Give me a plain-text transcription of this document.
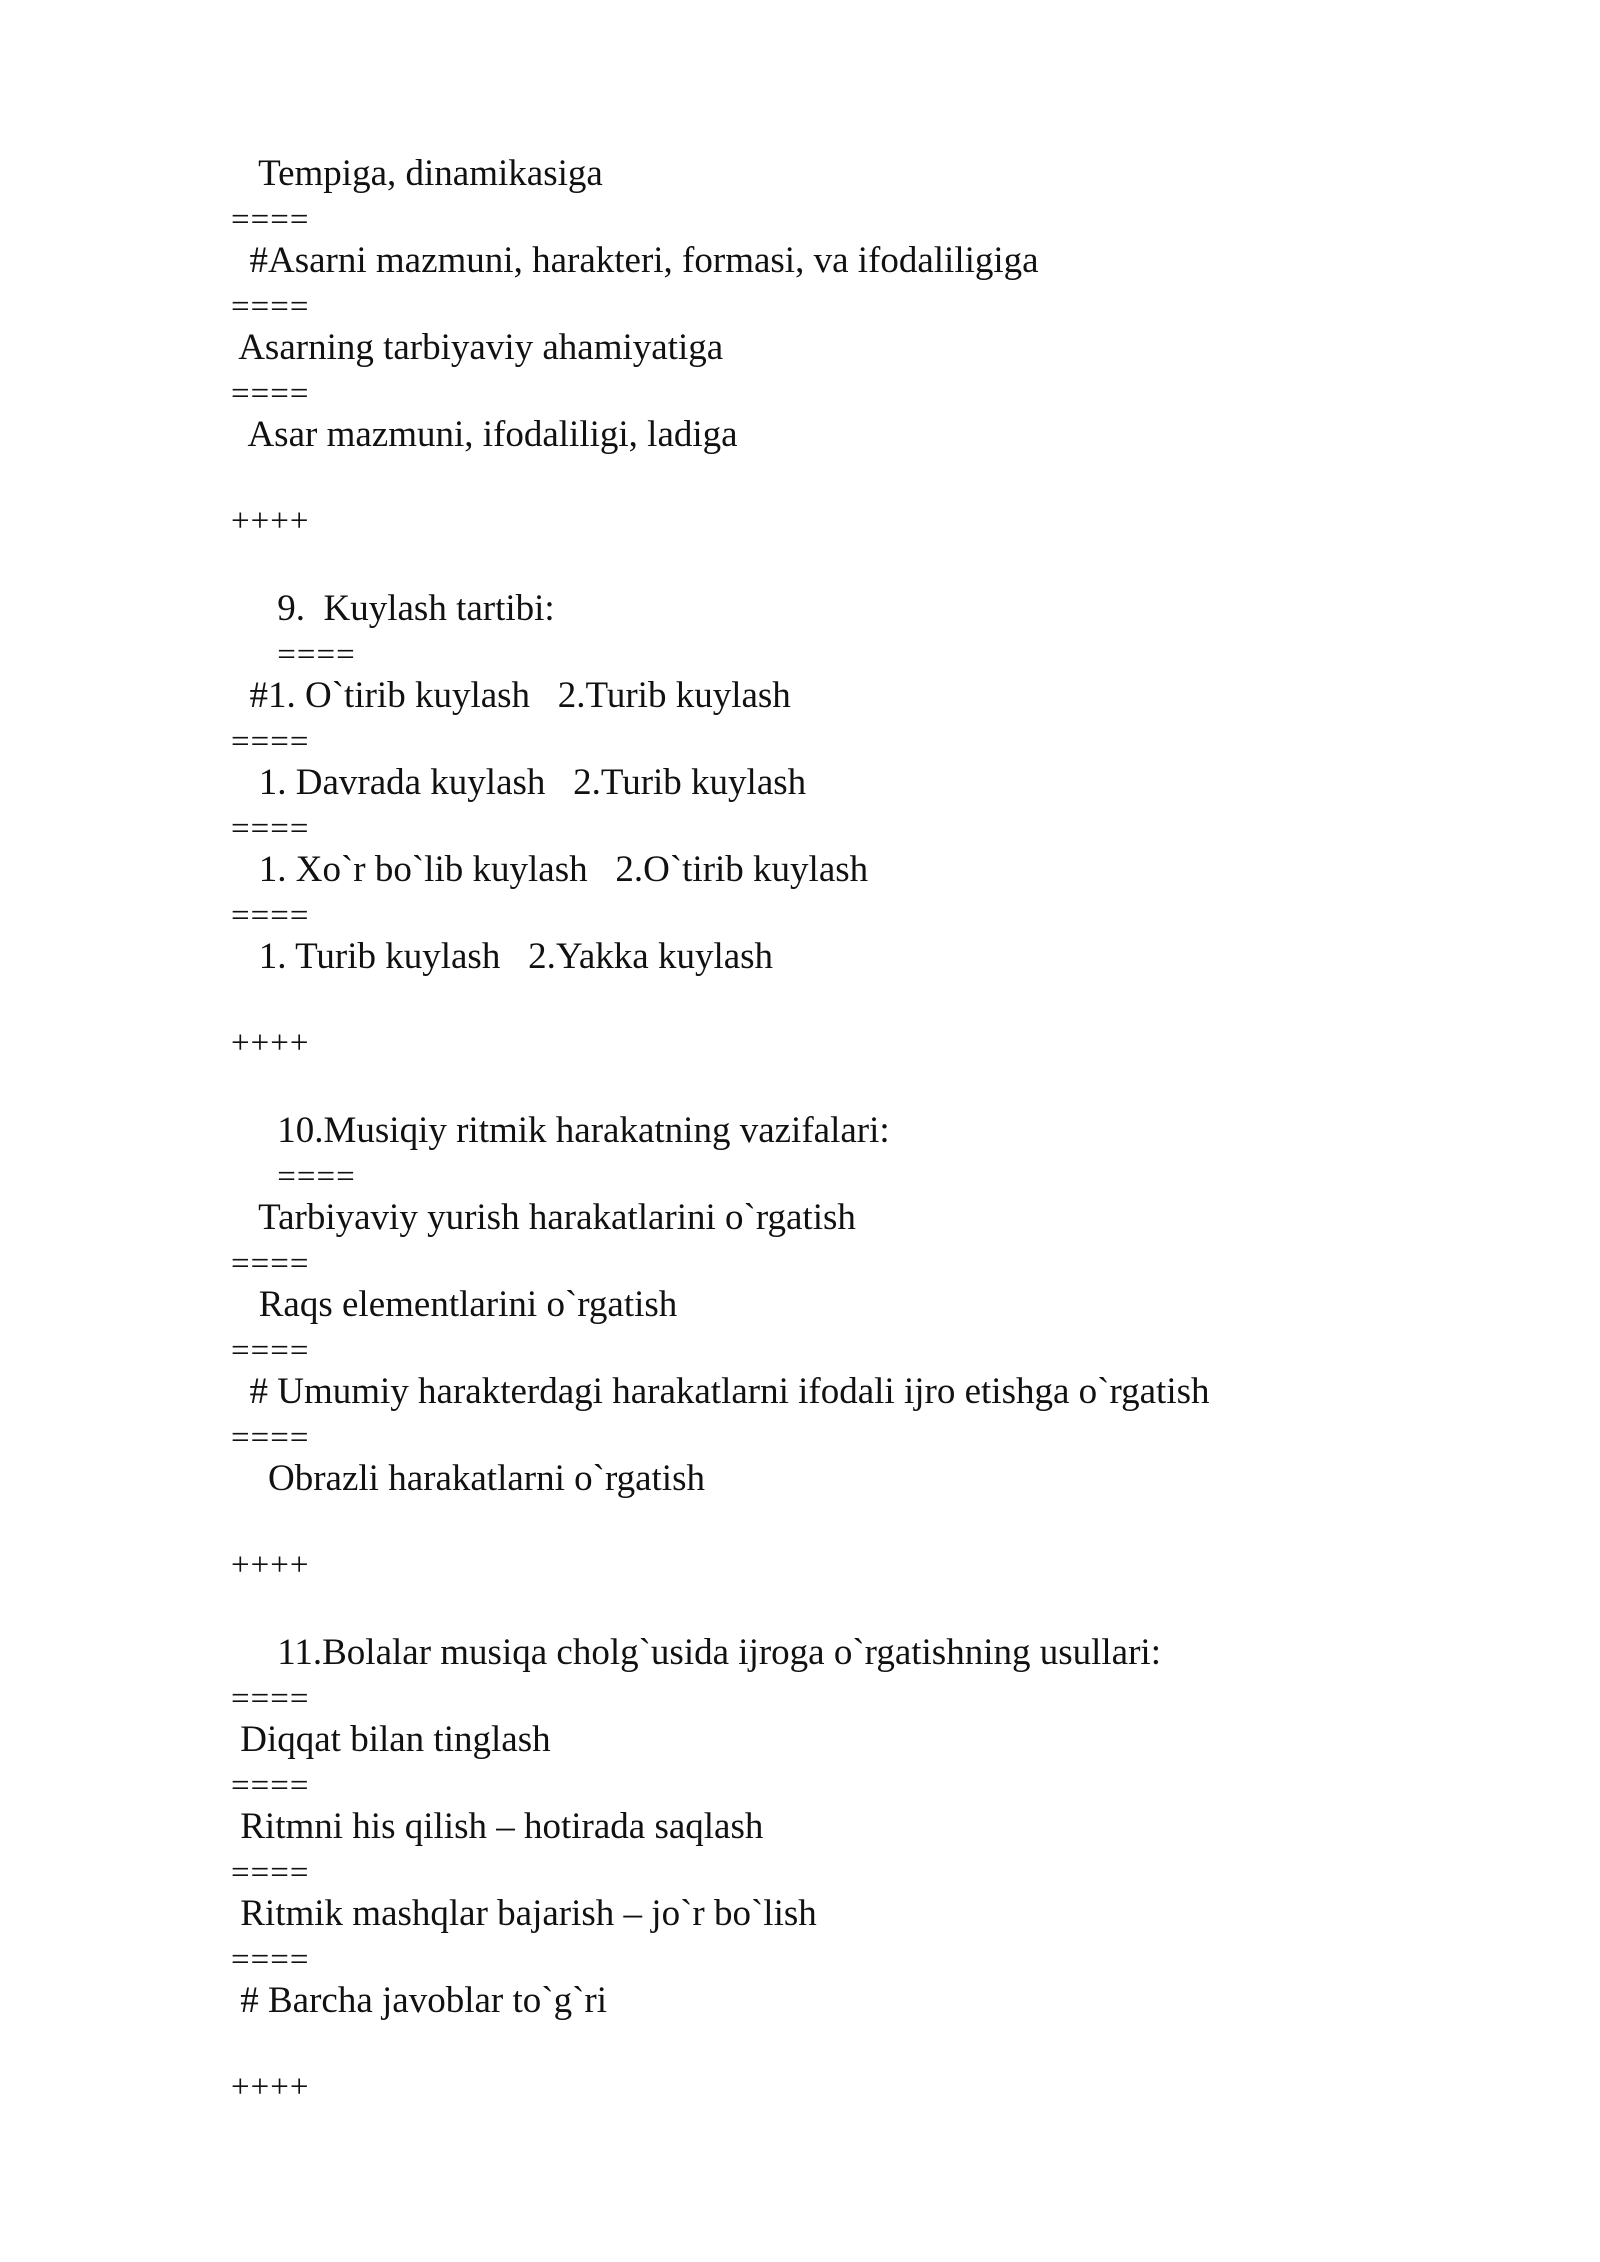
Tempiga, dinamikasiga
====
#Asarni mazmuni, harakteri, formasi, va ifodaliligiga
====
Asarning tarbiyaviy ahamiyatiga
====
Asar mazmuni, ifodaliligi, ladiga
++++
9.  Kuylash tartibi:
====
#1. O`tirib kuylash   2.Turib kuylash
====
1. Davrada kuylash   2.Turib kuylash
====
1. Xo`r bo`lib kuylash   2.O`tirib kuylash
====
1. Turib kuylash   2.Yakka kuylash
++++
10.Musiqiy ritmik harakatning vazifalari:
====
Tarbiyaviy yurish harakatlarini o`rgatish
====
Raqs elementlarini o`rgatish
====
# Umumiy harakterdagi harakatlarni ifodali ijro etishga o`rgatish
====
Obrazli harakatlarni o`rgatish
++++
11.Bolalar musiqa cholg`usida ijroga o`rgatishning usullari:
====
Diqqat bilan tinglash
====
Ritmni his qilish – hotirada saqlash
====
Ritmik mashqlar bajarish – jo`r bo`lish
====
# Barcha javoblar to`g`ri
++++
